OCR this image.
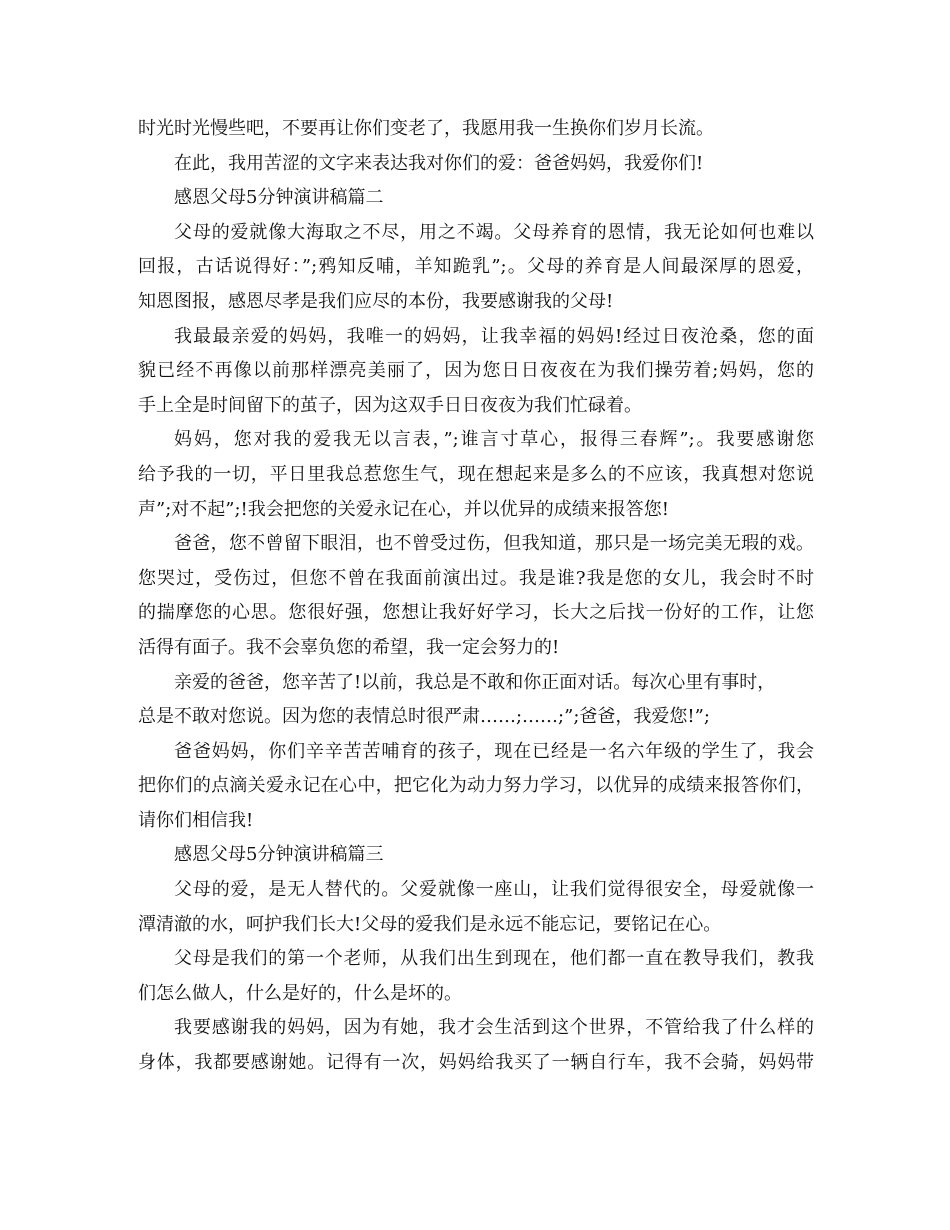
时光时光慢些吧，不要再让你们变老了，我愿用我一生换你们岁月长流。
在此，我用苦涩的文字来表达我对你们的爱：爸爸妈妈，我爱你们!
感恩父母5分钟演讲稿篇二
父母的爱就像大海取之不尽，用之不竭。父母养育的恩情，我无论如何也难以
回报，古话说得好：”;鸦知反哺，羊知跪乳”;。父母的养育是人间最深厚的恩爱，
知恩图报，感恩尽孝是我们应尽的本份，我要感谢我的父母!
我最最亲爱的妈妈，我唯一的妈妈，让我幸福的妈妈!经过日夜沧桑，您的面
貌已经不再像以前那样漂亮美丽了，因为您日日夜夜在为我们操劳着;妈妈，您的
手上全是时间留下的茧子，因为这双手日日夜夜为我们忙碌着。
妈妈，您对我的爱我无以言表，”;谁言寸草心，报得三春辉”;。我要感谢您
给予我的一切，平日里我总惹您生气，现在想起来是多么的不应该，我真想对您说
声”;对不起”;!我会把您的关爱永记在心，并以优异的成绩来报答您!
爸爸，您不曾留下眼泪，也不曾受过伤，但我知道，那只是一场完美无瑕的戏。
您哭过，受伤过，但您不曾在我面前演出过。我是谁?我是您的女儿，我会时不时
的揣摩您的心思。您很好强，您想让我好好学习，长大之后找一份好的工作，让您
活得有面子。我不会辜负您的希望，我一定会努力的!
亲爱的爸爸，您辛苦了!以前，我总是不敢和你正面对话。每次心里有事时，
总是不敢对您说。因为您的表情总时很严肃……;……;”;爸爸，我爱您!”;
爸爸妈妈，你们辛辛苦苦哺育的孩子，现在已经是一名六年级的学生了，我会
把你们的点滴关爱永记在心中，把它化为动力努力学习，以优异的成绩来报答你们，
请你们相信我!
感恩父母5分钟演讲稿篇三
父母的爱，是无人替代的。父爱就像一座山，让我们觉得很安全，母爱就像一
潭清澈的水，呵护我们长大!父母的爱我们是永远不能忘记，要铭记在心。
父母是我们的第一个老师，从我们出生到现在，他们都一直在教导我们，教我
们怎么做人，什么是好的，什么是坏的。
我要感谢我的妈妈，因为有她，我才会生活到这个世界，不管给我了什么样的
身体，我都要感谢她。记得有一次，妈妈给我买了一辆自行车，我不会骑，妈妈带
